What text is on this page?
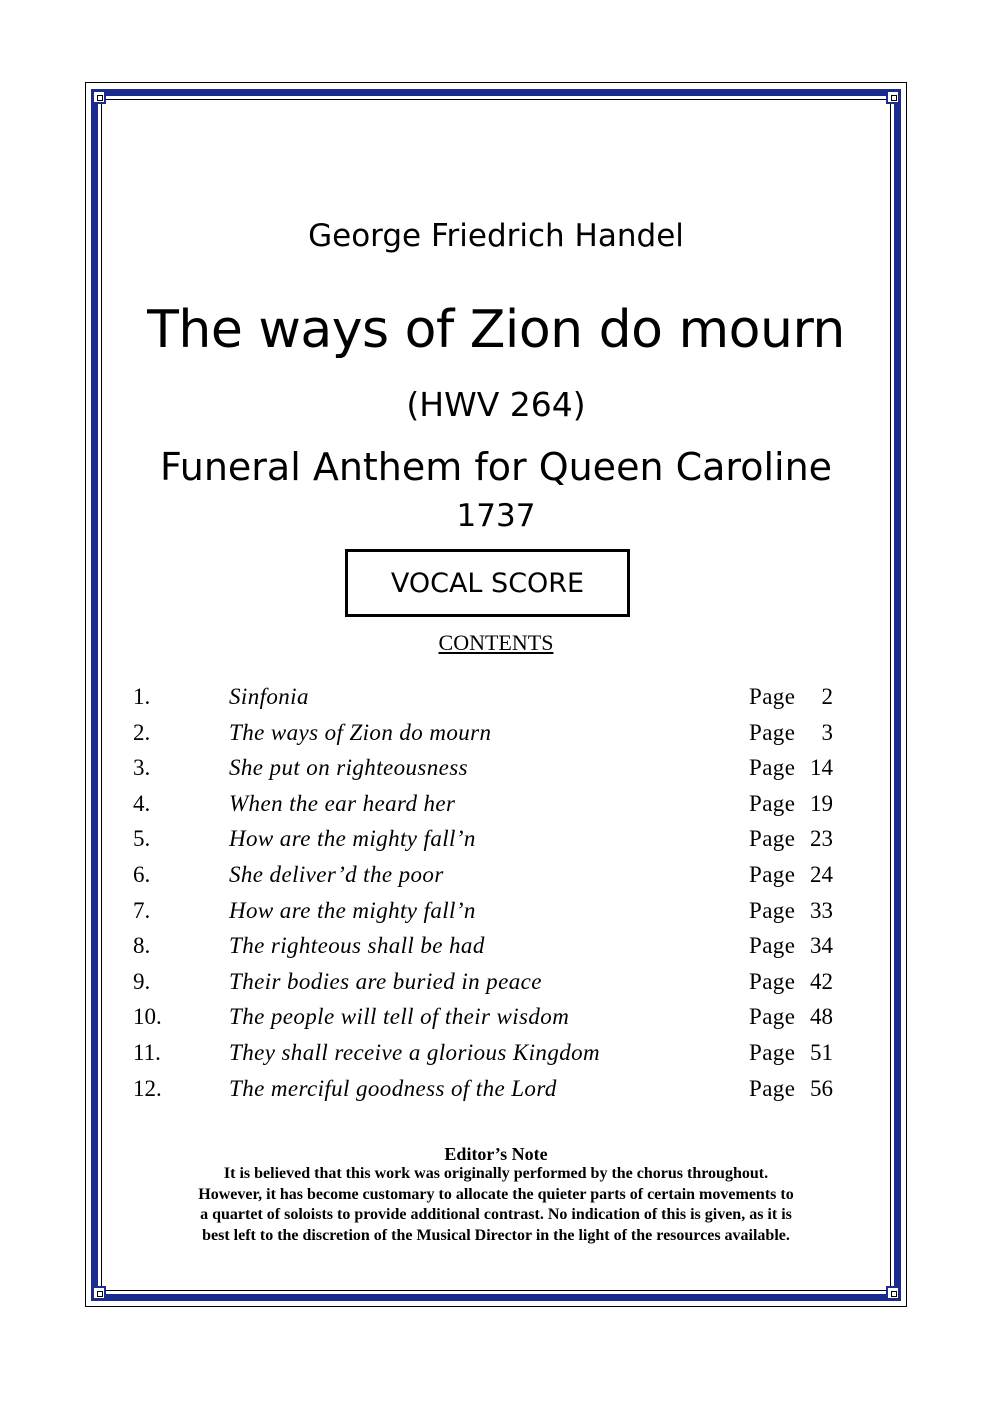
George Friedrich Handel
The ways of Zion do mourn
(HWV 264)
Funeral Anthem for Queen Caroline
1737
VOCAL SCORE
CONTENTS
1.	Sinfonia	Page	2
2.	The ways of Zion do mourn	Page	3
3.	She put on righteousness	Page 14
4.	When the ear heard her	Page 19
5.	How are the mighty fall’n	Page 23
6.	She deliver’d the poor	Page 24
7.	How are the mighty fall’n	Page 33
8.	The righteous shall be had	Page 34
9.	Their bodies are buried in peace	Page 42
10.	The people will tell of their wisdom	Page 48
11.	They shall receive a glorious Kingdom	Page 51
12.	The merciful goodness of the Lord	Page 56
Editor’s Note

It is believed that this work was originally performed by the chorus throughout.
However, it has become customary to allocate the quieter parts of certain movements to
a quartet of soloists to provide additional contrast. No indication of this is given, as it is
best left to the discretion of the Musical Director in the light of the resources available.
